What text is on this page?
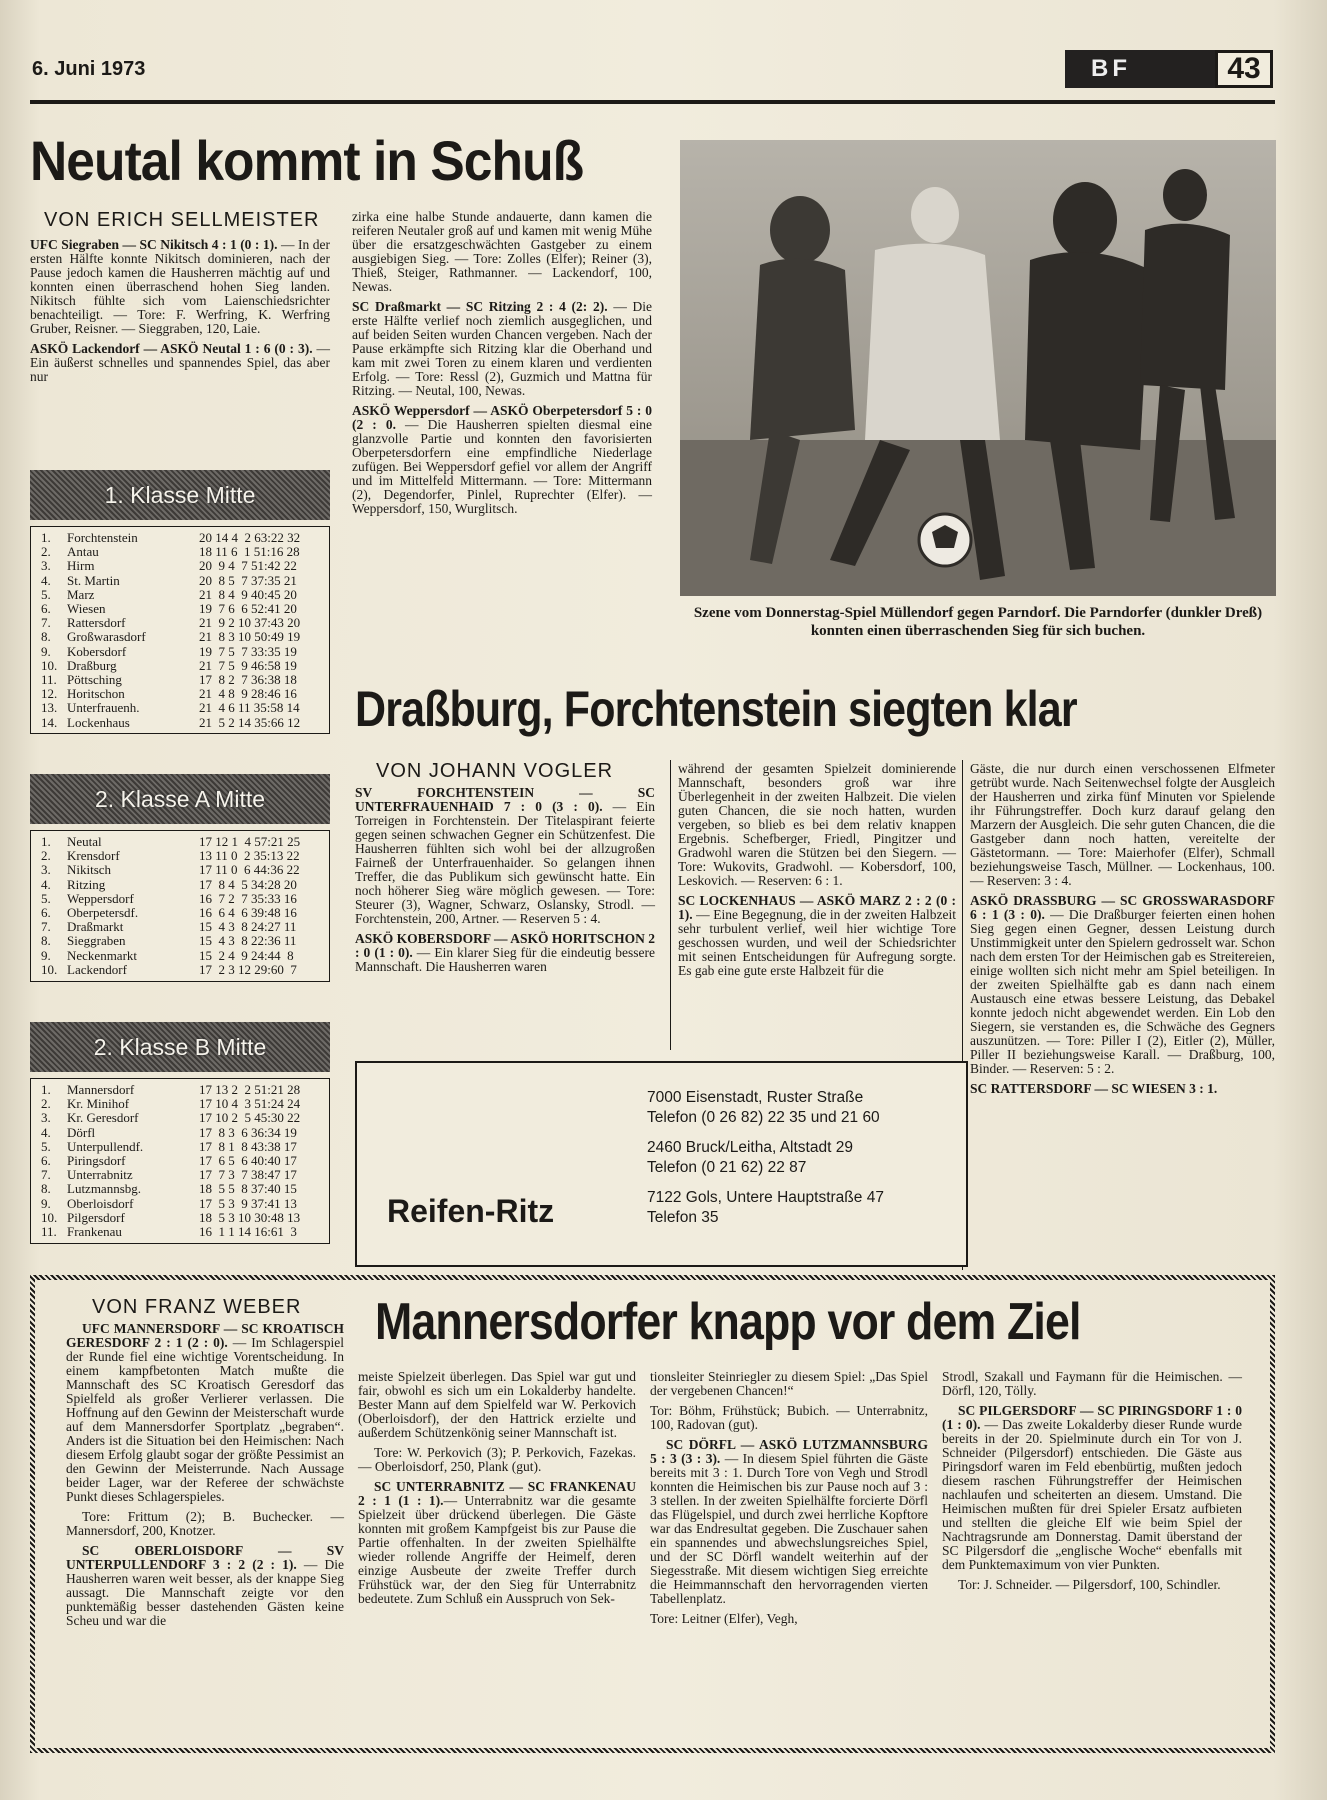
6. Juni 1973	BF	43
Neutal kommt in Schuß
VON ERICH SELLMEISTER

UFC Siegraben — SC Nikitsch 4 : 1 (0 : 1). — In der ersten Hälfte konnte Nikitsch dominieren, nach der Pause jedoch kamen die Hausherren mächtig auf und konnten einen überraschend hohen Sieg landen. Nikitsch fühlte sich vom Laienschiedsrichter benachteiligt. — Tore: F. Werfring, K. Werfring Gruber, Reisner. — Sieggraben, 120, Laie.

ASKÖ Lackendorf — ASKÖ Neutal 1 : 6 (0 : 3). — Ein äußerst schnelles und spannendes Spiel, das aber nur

zirka eine halbe Stunde andauerte, dann kamen die reiferen Neutaler groß auf und kamen mit wenig Mühe über die ersatzgeschwächten Gastgeber zu einem ausgiebigen Sieg. — Tore: Zolles (Elfer); Reiner (3), Thieß, Steiger, Rathmanner. — Lackendorf, 100, Newas.

SC Draßmarkt — SC Ritzing 2 : 4 (2: 2). — Die erste Hälfte verlief noch ziemlich ausgeglichen, und auf beiden Seiten wurden Chancen vergeben. Nach der Pause erkämpfte sich Ritzing klar die Oberhand und kam mit zwei Toren zu einem klaren und verdienten Erfolg. — Tore: Ressl (2), Guzmich und Mattna für Ritzing. — Neutal, 100, Newas.

ASKÖ Weppersdorf — ASKÖ Oberpetersdorf 5 : 0 (2 : 0. — Die Hausherren spielten diesmal eine glanzvolle Partie und konnten den favorisierten Oberpetersdorfern eine empfindliche Niederlage zufügen. Bei Weppersdorf gefiel vor allem der Angriff und im Mittelfeld Mittermann. — Tore: Mittermann (2), Degendorfer, Pinlel, Ruprechter (Elfer). — Weppersdorf, 150, Wurglitsch.

Szene vom Donnerstag-Spiel Müllendorf gegen Parndorf. Die Parndorfer (dunkler Dreß) konnten einen überraschenden Sieg für sich buchen.
1. Klasse Mitte
1.	Forchtenstein	20 14 4  2 63:22 32
2.	Antau	18 11 6  1 51:16 28
3.	Hirm	20  9 4  7 51:42 22
4.	St. Martin	20  8 5  7 37:35 21
5.	Marz	21  8 4  9 40:45 20
6.	Wiesen	19  7 6  6 52:41 20
7.	Rattersdorf	21  9 2 10 37:43 20
8.	Großwarasdorf	21  8 3 10 50:49 19
9.	Kobersdorf	19  7 5  7 33:35 19
10.	Draßburg	21  7 5  9 46:58 19
11.	Pöttsching	17  8 2  7 36:38 18
12.	Horitschon	21  4 8  9 28:46 16
13.	Unterfrauenh.	21  4 6 11 35:58 14
14.	Lockenhaus	21  5 2 14 35:66 12
2. Klasse A Mitte
1.	Neutal	17 12 1  4 57:21 25
2.	Krensdorf	13 11 0  2 35:13 22
3.	Nikitsch	17 11 0  6 44:36 22
4.	Ritzing	17  8 4  5 34:28 20
5.	Weppersdorf	16  7 2  7 35:33 16
6.	Oberpetersdf.	16  6 4  6 39:48 16
7.	Draßmarkt	15  4 3  8 24:27 11
8.	Sieggraben	15  4 3  8 22:36 11
9.	Neckenmarkt	15  2 4  9 24:44  8
10.	Lackendorf	17  2 3 12 29:60  7
2. Klasse B Mitte
1.	Mannersdorf	17 13 2  2 51:21 28
2.	Kr. Minihof	17 10 4  3 51:24 24
3.	Kr. Geresdorf	17 10 2  5 45:30 22
4.	Dörfl	17  8 3  6 36:34 19
5.	Unterpullendf.	17  8 1  8 43:38 17
6.	Piringsdorf	17  6 5  6 40:40 17
7.	Unterrabnitz	17  7 3  7 38:47 17
8.	Lutzmannsbg.	18  5 5  8 37:40 15
9.	Oberloisdorf	17  5 3  9 37:41 13
10.	Pilgersdorf	18  5 3 10 30:48 13
11.	Frankenau	16  1 1 14 16:61  3
Draßburg, Forchtenstein siegten klar
VON JOHANN VOGLER

SV FORCHTENSTEIN — SC UNTERFRAUENHAID 7 : 0 (3 : 0). — Ein Torreigen in Forchtenstein. Der Titelaspirant feierte gegen seinen schwachen Gegner ein Schützenfest. Die Hausherren fühlten sich wohl bei der allzugroßen Fairneß der Unterfrauenhaider. So gelangen ihnen Treffer, die das Publikum sich gewünscht hatte. Ein noch höherer Sieg wäre möglich gewesen. — Tore: Steurer (3), Wagner, Schwarz, Oslansky, Strodl. — Forchtenstein, 200, Artner. — Reserven 5 : 4.

ASKÖ KOBERSDORF — ASKÖ HORITSCHON 2 : 0 (1 : 0). — Ein klarer Sieg für die eindeutig bessere Mannschaft. Die Hausherren waren

während der gesamten Spielzeit dominierende Mannschaft, besonders groß war ihre Überlegenheit in der zweiten Halbzeit. Die vielen guten Chancen, die sie noch hatten, wurden vergeben, so blieb es bei dem relativ knappen Ergebnis. Schefberger, Friedl, Pingitzer und Gradwohl waren die Stützen bei den Siegern. — Tore: Wukovits, Gradwohl. — Kobersdorf, 100, Leskovich. — Reserven: 6 : 1.

SC LOCKENHAUS — ASKÖ MARZ 2 : 2 (0 : 1). — Eine Begegnung, die in der zweiten Halbzeit sehr turbulent verlief, weil hier wichtige Tore geschossen wurden, und weil der Schiedsrichter mit seinen Entscheidungen für Aufregung sorgte. Es gab eine gute erste Halbzeit für die

Gäste, die nur durch einen verschossenen Elfmeter getrübt wurde. Nach Seitenwechsel folgte der Ausgleich der Hausherren und zirka fünf Minuten vor Spielende ihr Führungstreffer. Doch kurz darauf gelang den Marzern der Ausgleich. Die sehr guten Chancen, die die Gastgeber dann noch hatten, vereitelte der Gästetormann. — Tore: Maierhofer (Elfer), Schmall beziehungsweise Tasch, Müllner. — Lockenhaus, 100. — Reserven: 3 : 4.

ASKÖ DRASSBURG — SC GROSSWARASDORF 6 : 1 (3 : 0). — Die Draßburger feierten einen hohen Sieg gegen einen Gegner, dessen Leistung durch Unstimmigkeit unter den Spielern gedrosselt war. Schon nach dem ersten Tor der Heimischen gab es Streitereien, einige wollten sich nicht mehr am Spiel beteiligen. In der zweiten Spielhälfte gab es dann nach einem Austausch eine etwas bessere Leistung, das Debakel konnte jedoch nicht abgewendet werden. Ein Lob den Siegern, sie verstanden es, die Schwäche des Gegners auszunützen. — Tore: Piller I (2), Eitler (2), Müller, Piller II beziehungsweise Karall. — Draßburg, 100, Binder. — Reserven: 5 : 2.

SC RATTERSDORF — SC WIESEN 3 : 1.

Reifen-Ritz
7000 Eisenstadt, Ruster Straße
Telefon (0 26 82) 22 35 und 21 60
2460 Bruck/Leitha, Altstadt 29
Telefon (0 21 62) 22 87
7122 Gols, Untere Hauptstraße 47
Telefon 35
VON FRANZ WEBER Mannersdorfer knapp vor dem Ziel

UFC MANNERSDORF — SC KROATISCH GERESDORF 2 : 1 (2 : 0). — Im Schlagerspiel der Runde fiel eine wichtige Vorentscheidung. In einem kampfbetonten Match mußte die Mannschaft des SC Kroatisch Geresdorf das Spielfeld als großer Verlierer verlassen. Die Hoffnung auf den Gewinn der Meisterschaft wurde auf dem Mannersdorfer Sportplatz „begraben“. Anders ist die Situation bei den Heimischen: Nach diesem Erfolg glaubt sogar der größte Pessimist an den Gewinn der Meisterrunde. Nach Aussage beider Lager, war der Referee der schwächste Punkt dieses Schlagerspieles.

Tore: Frittum (2); B. Buchecker. — Mannersdorf, 200, Knotzer.

SC OBERLOISDORF — SV UNTERPULLENDORF 3 : 2 (2 : 1). — Die Hausherren waren weit besser, als der knappe Sieg aussagt. Die Mannschaft zeigte vor den punktemäßig besser dastehenden Gästen keine Scheu und war die

meiste Spielzeit überlegen. Das Spiel war gut und fair, obwohl es sich um ein Lokalderby handelte. Bester Mann auf dem Spielfeld war W. Perkovich (Oberloisdorf), der den Hattrick erzielte und außerdem Schützenkönig seiner Mannschaft ist.

Tore: W. Perkovich (3); P. Perkovich, Fazekas. — Oberloisdorf, 250, Plank (gut).

SC UNTERRABNITZ — SC FRANKENAU 2 : 1 (1 : 1).— Unterrabnitz war die gesamte Spielzeit über drückend überlegen. Die Gäste konnten mit großem Kampfgeist bis zur Pause die Partie offenhalten. In der zweiten Spielhälfte wieder rollende Angriffe der Heimelf, deren einzige Ausbeute der zweite Treffer durch Frühstück war, der den Sieg für Unterrabnitz bedeutete. Zum Schluß ein Ausspruch von Sek-

tionsleiter Steinriegler zu diesem Spiel: „Das Spiel der vergebenen Chancen!“

Tor: Böhm, Frühstück; Bubich. — Unterrabnitz, 100, Radovan (gut).

SC DÖRFL — ASKÖ LUTZMANNSBURG 5 : 3 (3 : 3). — In diesem Spiel führten die Gäste bereits mit 3 : 1. Durch Tore von Vegh und Strodl konnten die Heimischen bis zur Pause noch auf 3 : 3 stellen. In der zweiten Spielhälfte forcierte Dörfl das Flügelspiel, und durch zwei herrliche Kopftore war das Endresultat gegeben. Die Zuschauer sahen ein spannendes und abwechslungsreiches Spiel, und der SC Dörfl wandelt weiterhin auf der Siegesstraße. Mit diesem wichtigen Sieg erreichte die Heimmannschaft den hervorragenden vierten Tabellenplatz.

Tore: Leitner (Elfer), Vegh,

Strodl, Szakall und Faymann für die Heimischen. — Dörfl, 120, Tölly.

SC PILGERSDORF — SC PIRINGSDORF 1 : 0 (1 : 0). — Das zweite Lokalderby dieser Runde wurde bereits in der 20. Spielminute durch ein Tor von J. Schneider (Pilgersdorf) entschieden. Die Gäste aus Piringsdorf waren im Feld ebenbürtig, mußten jedoch diesem raschen Führungstreffer der Heimischen nachlaufen und scheiterten an diesem. Umstand. Die Heimischen mußten für drei Spieler Ersatz aufbieten und stellten die gleiche Elf wie beim Spiel der Nachtragsrunde am Donnerstag. Damit überstand der SC Pilgersdorf die „englische Woche“ ebenfalls mit dem Punktemaximum von vier Punkten.

Tor: J. Schneider. — Pilgersdorf, 100, Schindler.
